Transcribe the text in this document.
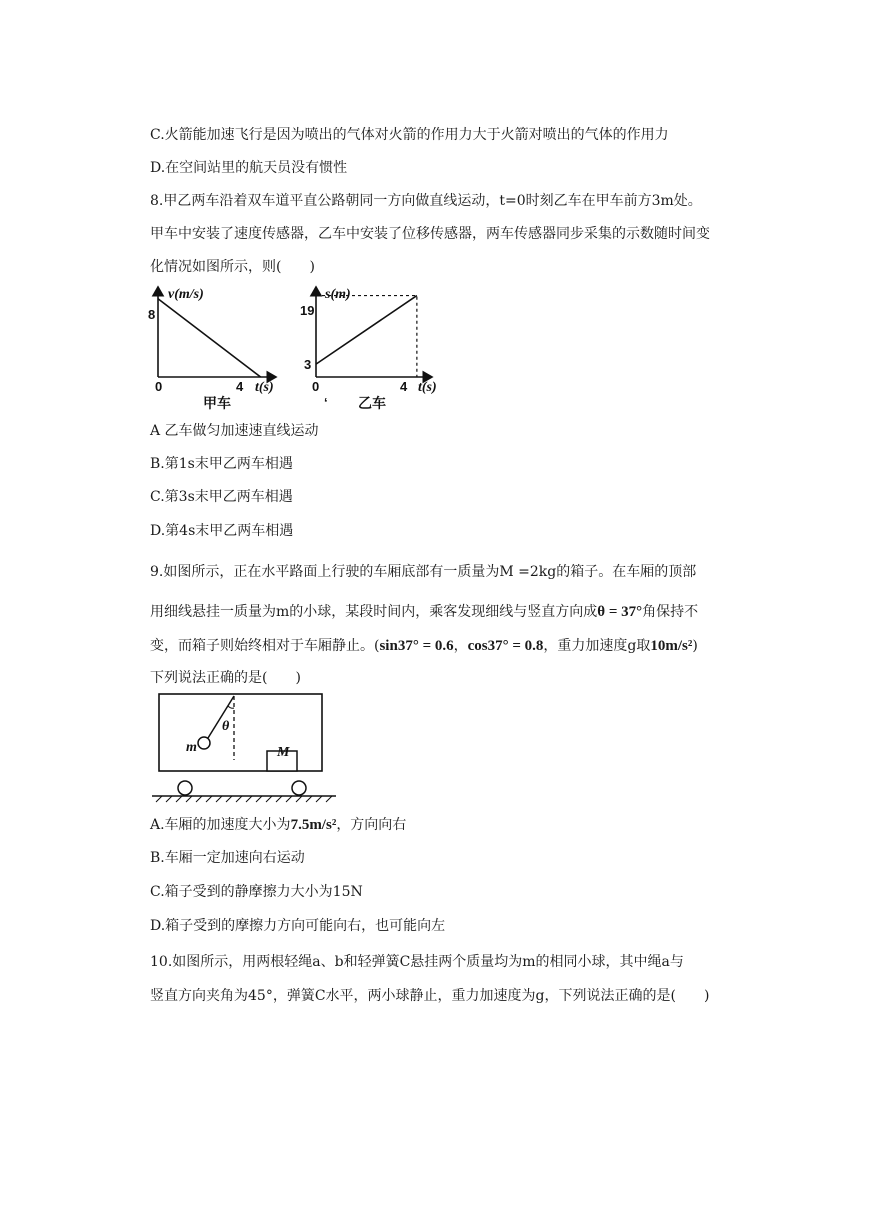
C.火箭能加速飞行是因为喷出的气体对火箭的作用力大于火箭对喷出的气体的作用力
D.在空间站里的航天员没有惯性
8.甲乙两车沿着双车道平直公路朝同一方向做直线运动，t=0时刻乙车在甲车前方3m处。
甲车中安装了速度传感器，乙车中安装了位移传感器，两车传感器同步采集的示数随时间变
化情况如图所示，则(　　)
v(m/s)
8
0	4 t(s)
甲车
s(m)
19
3
0	4 t(s)
‘ 乙车
A 乙车做匀加速速直线运动
B.第1s末甲乙两车相遇
C.第3s末甲乙两车相遇
D.第4s末甲乙两车相遇
9.如图所示，正在水平路面上行驶的车厢底部有一质量为M =2kg的箱子。在车厢的顶部
用细线悬挂一质量为m的小球，某段时间内，乘客发现细线与竖直方向成θ = 37°角保持不
变，而箱子则始终相对于车厢静止。(sin37° = 0.6，cos37° = 0.8，重力加速度g取10m/s²)
下列说法正确的是(　　)
θ
m	M
A.车厢的加速度大小为7.5m/s²，方向向右
B.车厢一定加速向右运动
C.箱子受到的静摩擦力大小为15N
D.箱子受到的摩擦力方向可能向右，也可能向左
10.如图所示，用两根轻绳a、b和轻弹簧C悬挂两个质量均为m的相同小球，其中绳a与
竖直方向夹角为45°，弹簧C水平，两小球静止，重力加速度为g，下列说法正确的是(　　)
